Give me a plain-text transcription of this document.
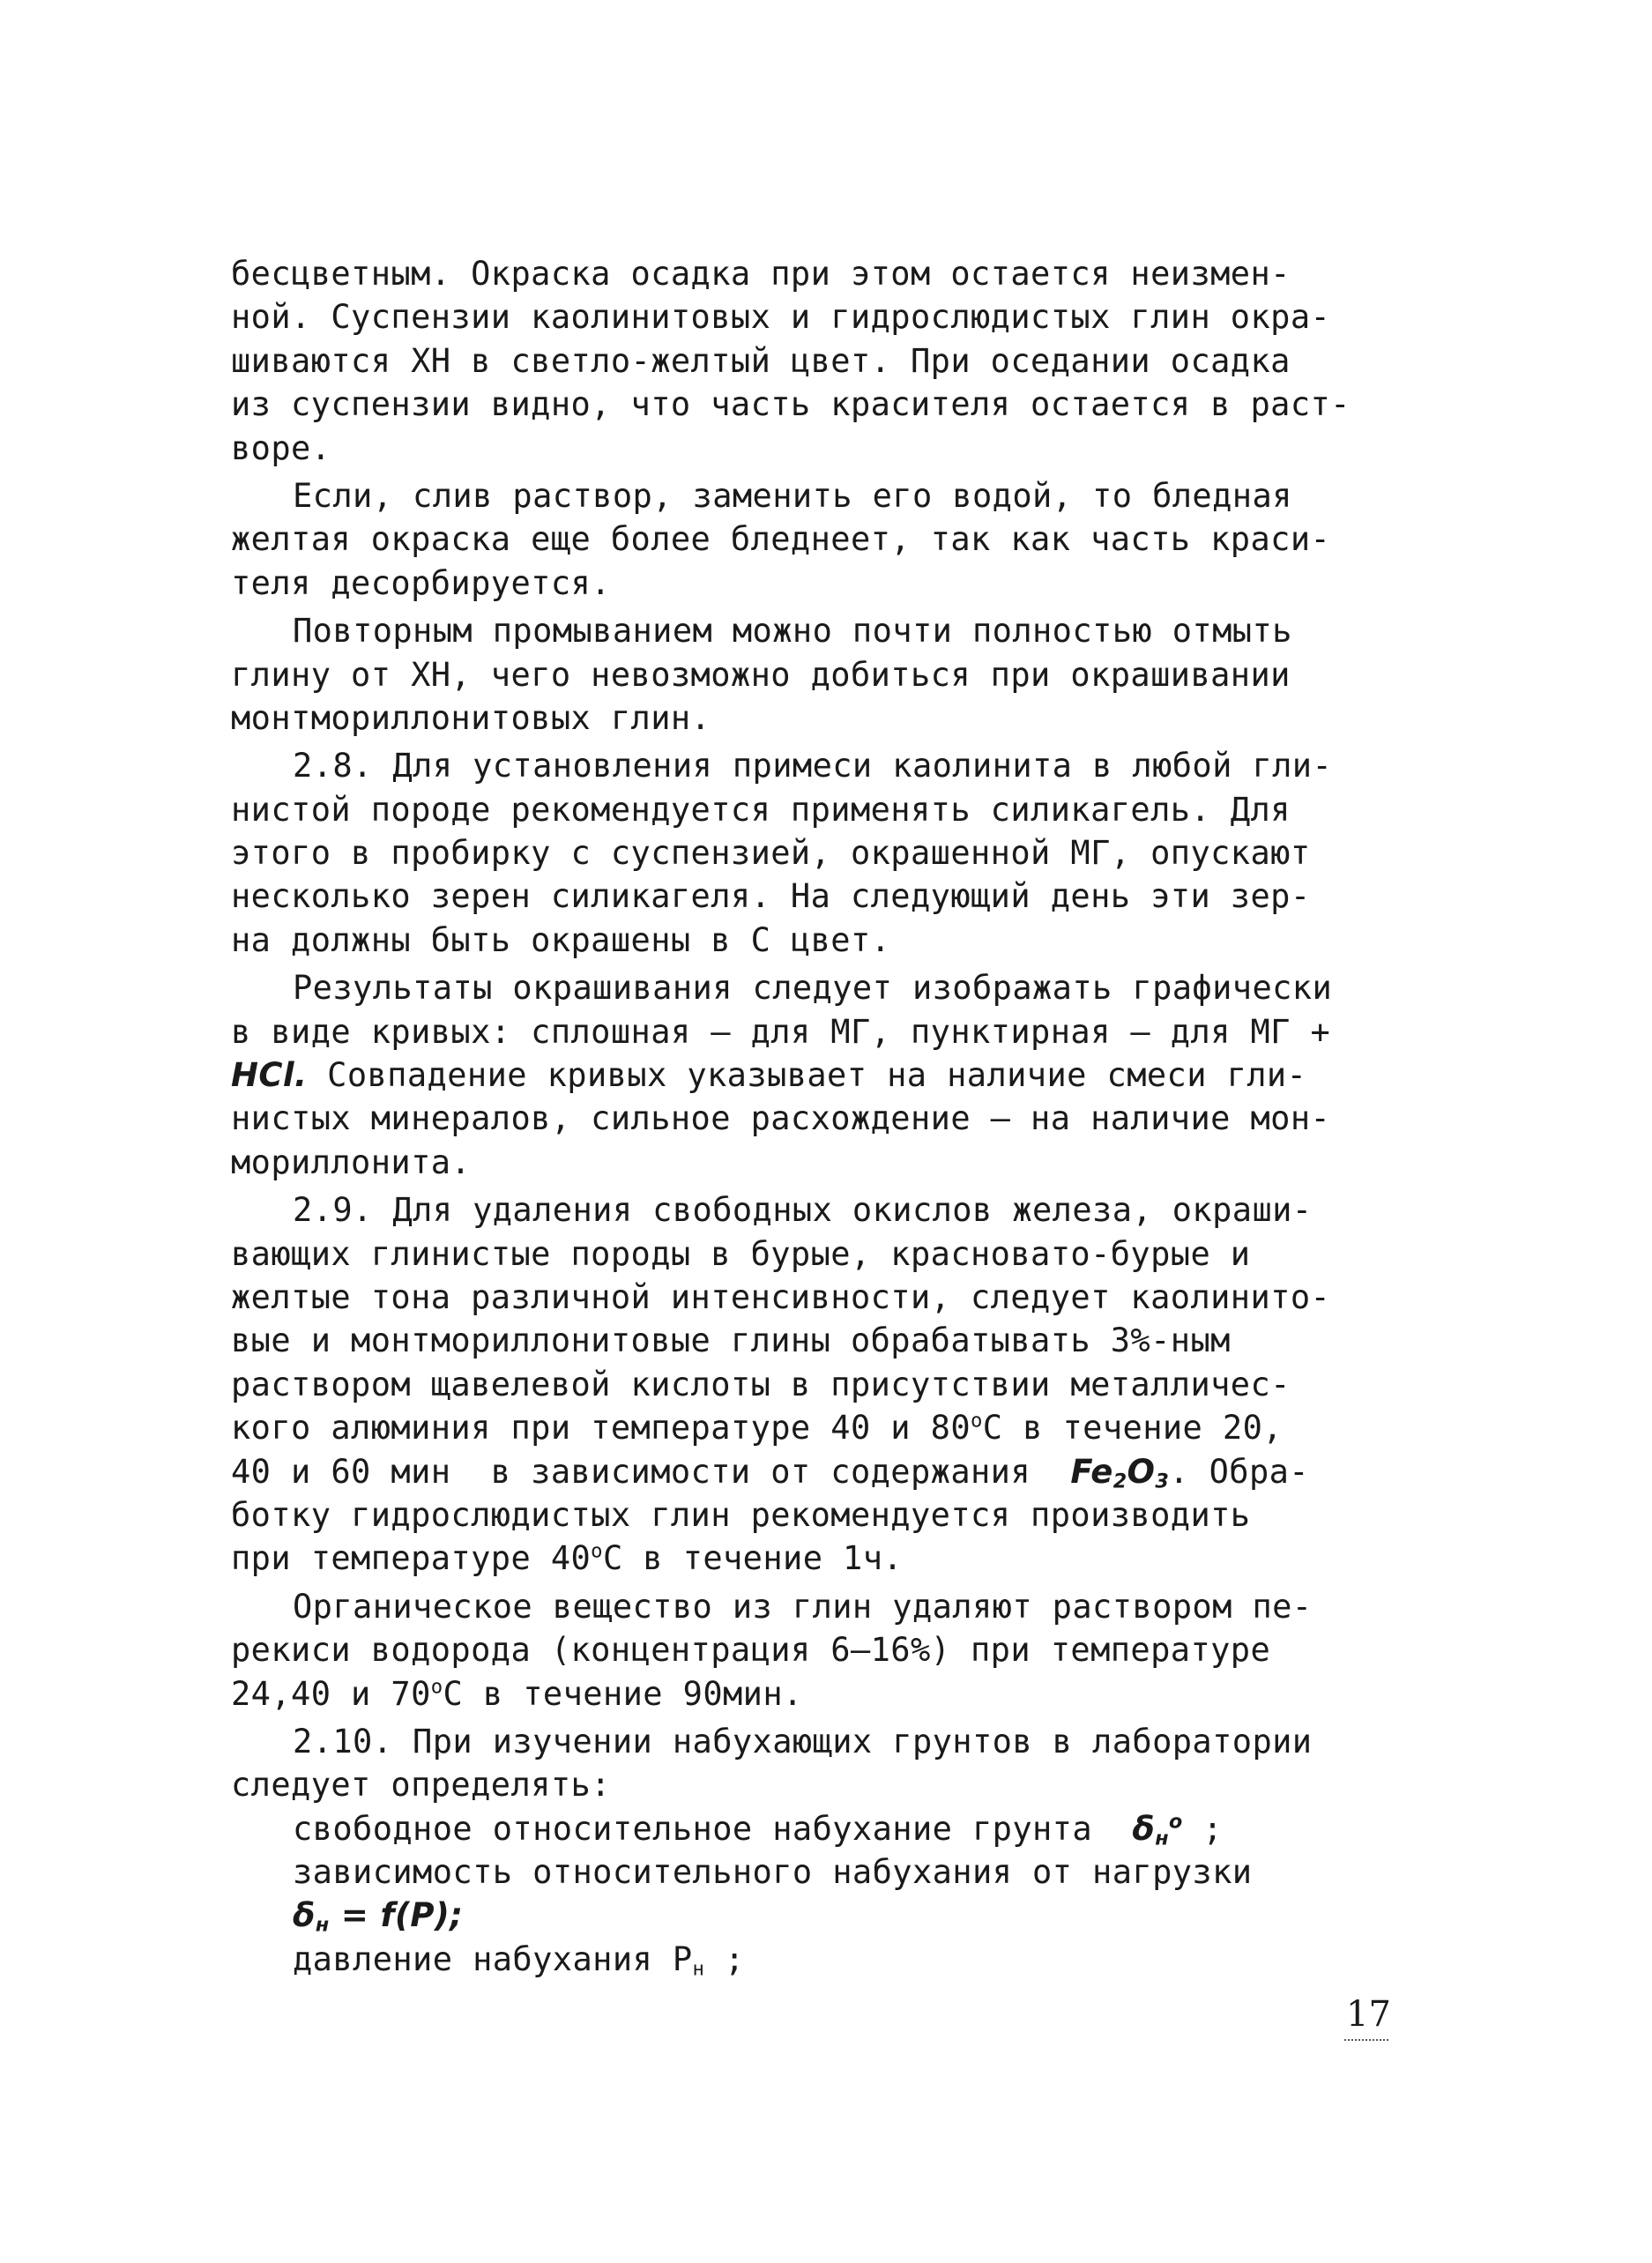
бесцветным. Окраска осадка при этом остается неизмен-
ной. Суспензии каолинитовых и гидрослюдистых глин окра-
шиваются ХН в светло-желтый цвет. При оседании осадка
из суспензии видно, что часть красителя остается в раст-
воре.
Если, слив раствор, заменить его водой, то бледная
желтая окраска еще более бледнеет, так как часть краси-
теля десорбируется.
Повторным промыванием можно почти полностью отмыть
глину от ХН, чего невозможно добиться при окрашивании
монтмориллонитовых глин.
2.8. Для установления примеси каолинита в любой гли-
нистой породе рекомендуется применять силикагель. Для
этого в пробирку с суспензией, окрашенной МГ, опускают
несколько зерен силикагеля. На следующий день эти зер-
на должны быть окрашены в С цвет.
Результаты окрашивания следует изображать графически
в виде кривых: сплошная – для МГ, пунктирная – для МГ +
HCl. Совпадение кривых указывает на наличие смеси гли-
нистых минералов, сильное расхождение – на наличие мон-
мориллонита.
2.9. Для удаления свободных окислов железа, окраши-
вающих глинистые породы в бурые, красновато-бурые и
желтые тона различной интенсивности, следует каолинито-
вые и монтмориллонитовые глины обрабатывать 3%-ным
раствором щавелевой кислоты в присутствии металличес-
кого алюминия при температуре 40 и 80$^o$C в течение 20,
40 и 60 мин  в зависимости от содержания $Fe_2O_3$. Обра-
ботку гидрослюдистых глин рекомендуется производить
при температуре 40$^o$C в течение 1ч.
Органическое вещество из глин удаляют раствором пе-
рекиси водорода (концентрация 6–16%) при температуре
24,40 и 70$^o$C в течение 90мин.
2.10. При изучении набухающих грунтов в лаборатории
следует определять:
свободное относительное набухание грунта $\delta_н^o$ ;
зависимость относительного набухания от нагрузки
$\delta_н = f(P)$;
давление набухания $Р_н$ ;
17
